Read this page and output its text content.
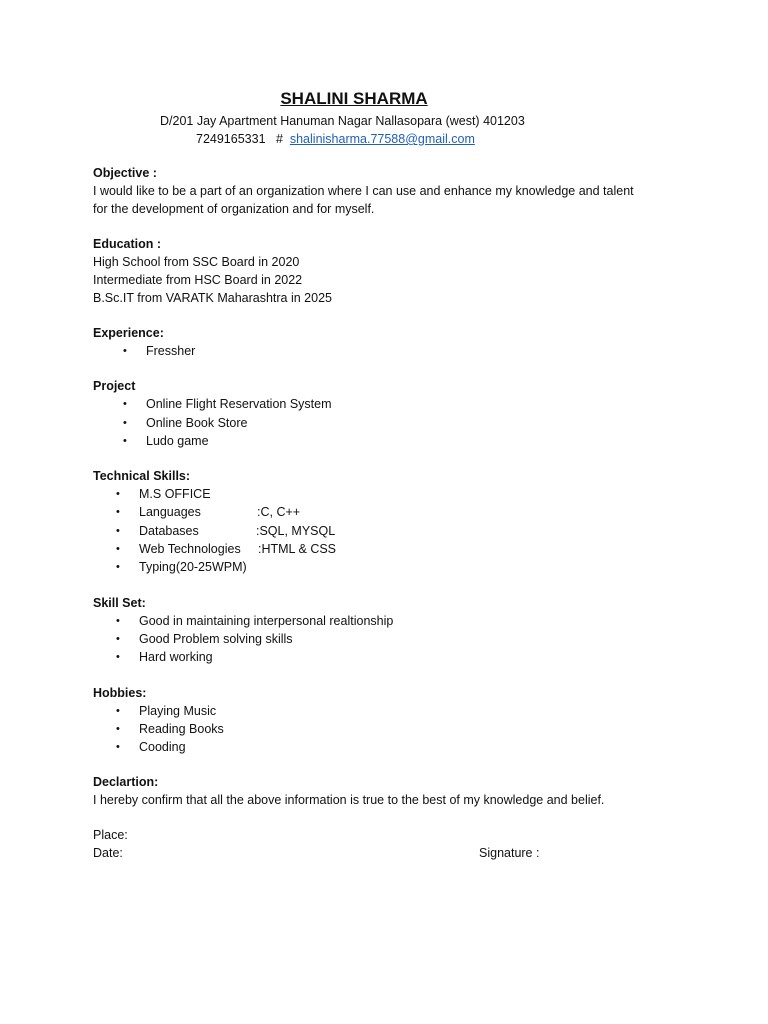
SHALINI SHARMA
D/201 Jay Apartment Hanuman Nagar Nallasopara (west) 401203
7249165331 # shalinisharma.77588@gmail.com
Objective :
I would like to be a part of an organization where I can use and enhance my knowledge and talent
for the development of organization and for myself.
Education :
High School from SSC Board in 2020
Intermediate from HSC Board in 2022
B.Sc.IT from VARATK Maharashtra in 2025
Experience:
• Fressher
Project
• Online Flight Reservation System
• Online Book Store
• Ludo game
Technical Skills:
• M.S OFFICE
• Languages	:C, C++
• Databases	:SQL, MYSQL
• Web Technologies :HTML & CSS
• Typing(20-25WPM)
Skill Set:
• Good in maintaining interpersonal realtionship
• Good Problem solving skills
• Hard working
Hobbies:
• Playing Music
• Reading Books
• Cooding
Declartion:
I hereby confirm that all the above information is true to the best of my knowledge and belief.
Place:
Date:	Signature :
